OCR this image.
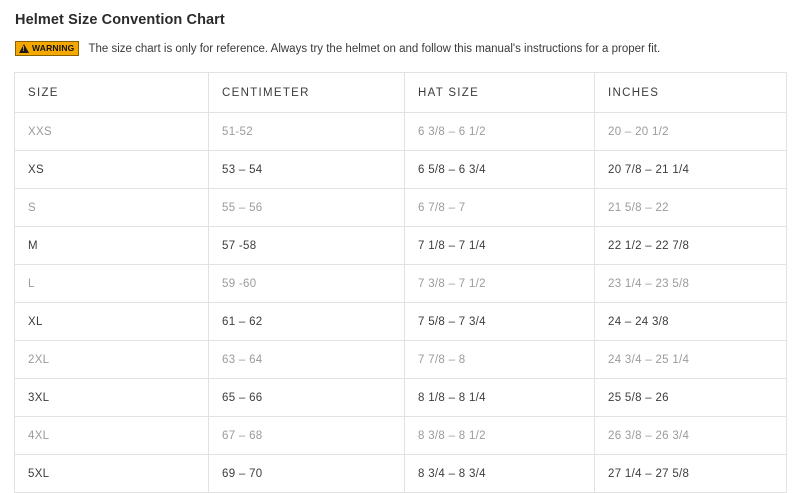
Helmet Size Convention Chart
!
WARNING The size chart is only for reference. Always try the helmet on and follow this manual's instructions for a proper fit.
SIZE	CENTIMETER	HAT SIZE	INCHES
XXS	51-52	6 3/8 – 6 1/2	20 – 20 1/2
XS	53 – 54	6 5/8 – 6 3/4	20 7/8 – 21 1/4
S	55 – 56	6 7/8 – 7	21 5/8 – 22
M	57 -58	7 1/8 – 7 1/4	22 1/2 – 22 7/8
L	59 -60	7 3/8 – 7 1/2	23 1/4 – 23 5/8
XL	61 – 62	7 5/8 – 7 3/4	24 – 24 3/8
2XL	63 – 64	7 7/8 – 8	24 3/4 – 25 1/4
3XL	65 – 66	8 1/8 – 8 1/4	25 5/8 – 26
4XL	67 – 68	8 3/8 – 8 1/2	26 3/8 – 26 3/4
5XL	69 – 70	8 3/4 – 8 3/4	27 1/4 – 27 5/8
